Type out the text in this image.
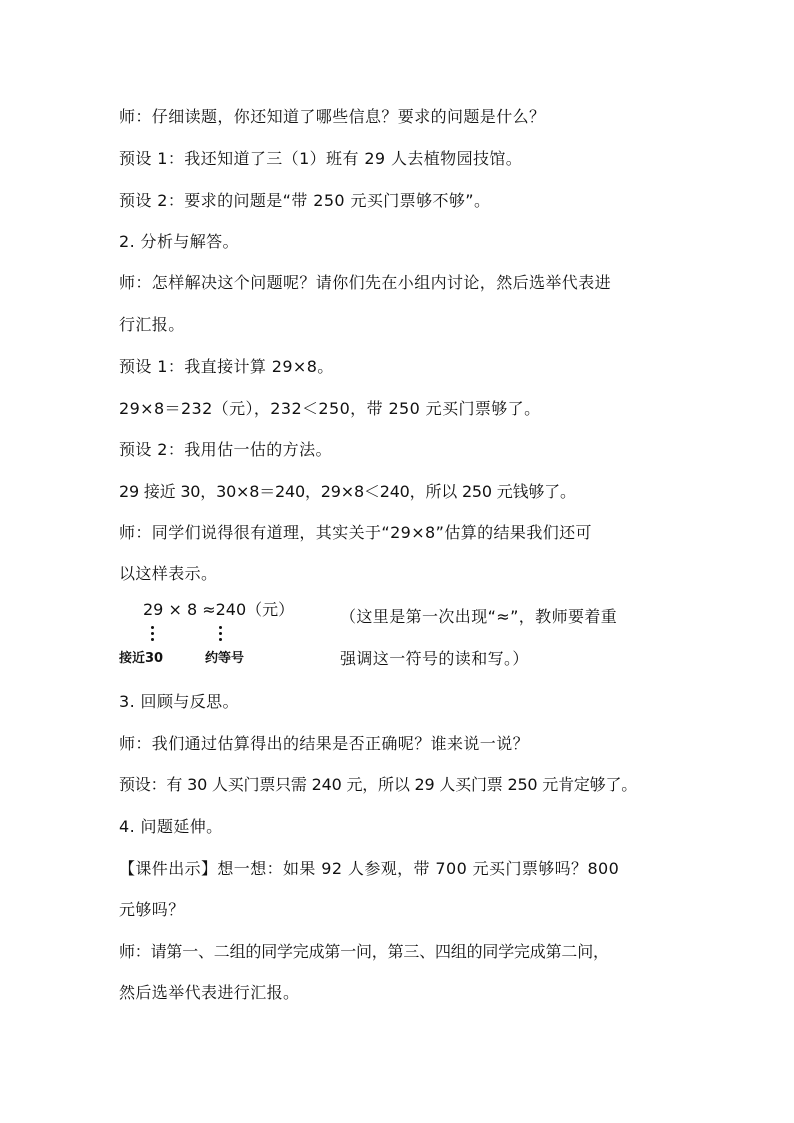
师：仔细读题，你还知道了哪些信息？要求的问题是什么？
预设 1：我还知道了三（1）班有 29 人去植物园技馆。
预设 2：要求的问题是“带 250 元买门票够不够”。
2. 分析与解答。
师：怎样解决这个问题呢？请你们先在小组内讨论，然后选举代表进
行汇报。
预设 1：我直接计算 29×8。
29×8＝232（元），232＜250，带 250 元买门票够了。
预设 2：我用估一估的方法。
29 接近 30，30×8＝240，29×8＜240，所以 250 元钱够了。
师：同学们说得很有道理，其实关于“29×8”估算的结果我们还可
以这样表示。
29 × 8 ≈240（元）
接近30	约等号
（这里是第一次出现“≈”，教师要着重
强调这一符号的读和写。）
3. 回顾与反思。
师：我们通过估算得出的结果是否正确呢？谁来说一说？
预设：有 30 人买门票只需 240 元，所以 29 人买门票 250 元肯定够了。
4. 问题延伸。
【课件出示】想一想：如果 92 人参观，带 700 元买门票够吗？800
元够吗？
师：请第一、二组的同学完成第一问，第三、四组的同学完成第二问，
然后选举代表进行汇报。
